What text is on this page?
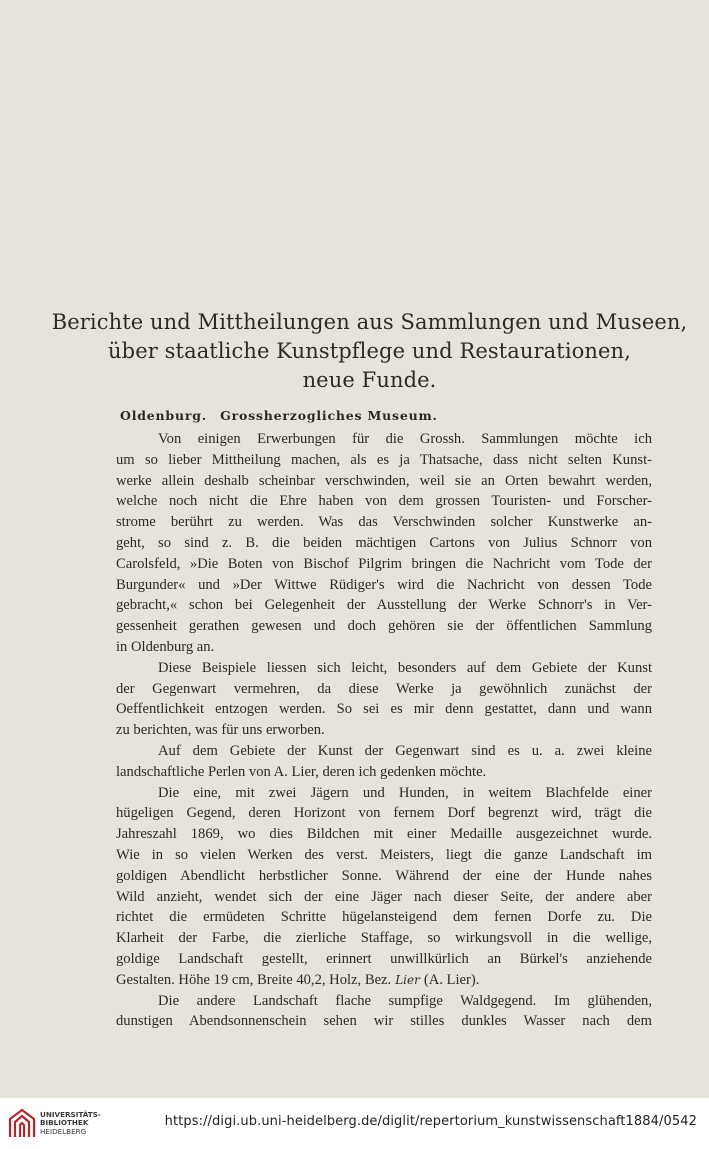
Berichte und Mittheilungen aus Sammlungen und Museen,
über staatliche Kunstpflege und Restaurationen,
neue Funde.
Oldenburg. Grossherzogliches Museum.
Von einigen Erwerbungen für die Grossh. Sammlungen möchte ich
um so lieber Mittheilung machen, als es ja Thatsache, dass nicht selten Kunst-
werke allein deshalb scheinbar verschwinden, weil sie an Orten bewahrt werden,
welche noch nicht die Ehre haben von dem grossen Touristen- und Forscher-
strome berührt zu werden. Was das Verschwinden solcher Kunstwerke an-
geht, so sind z. B. die beiden mächtigen Cartons von Julius Schnorr von
Carolsfeld, »Die Boten von Bischof Pilgrim bringen die Nachricht vom Tode der
Burgunder« und »Der Wittwe Rüdiger's wird die Nachricht von dessen Tode
gebracht,« schon bei Gelegenheit der Ausstellung der Werke Schnorr's in Ver-
gessenheit gerathen gewesen und doch gehören sie der öffentlichen Sammlung
in Oldenburg an.
Diese Beispiele liessen sich leicht, besonders auf dem Gebiete der Kunst
der Gegenwart vermehren, da diese Werke ja gewöhnlich zunächst der
Oeffentlichkeit entzogen werden. So sei es mir denn gestattet, dann und wann
zu berichten, was für uns erworben.
Auf dem Gebiete der Kunst der Gegenwart sind es u. a. zwei kleine
landschaftliche Perlen von A. Lier, deren ich gedenken möchte.
Die eine, mit zwei Jägern und Hunden, in weitem Blachfelde einer
hügeligen Gegend, deren Horizont von fernem Dorf begrenzt wird, trägt die
Jahreszahl 1869, wo dies Bildchen mit einer Medaille ausgezeichnet wurde.
Wie in so vielen Werken des verst. Meisters, liegt die ganze Landschaft im
goldigen Abendlicht herbstlicher Sonne. Während der eine der Hunde nahes
Wild anzieht, wendet sich der eine Jäger nach dieser Seite, der andere aber
richtet die ermüdeten Schritte hügelansteigend dem fernen Dorfe zu. Die
Klarheit der Farbe, die zierliche Staffage, so wirkungsvoll in die wellige,
goldige Landschaft gestellt, erinnert unwillkürlich an Bürkel's anziehende
Gestalten. Höhe 19 cm, Breite 40,2, Holz, Bez. Lier (A. Lier).
Die andere Landschaft flache sumpfige Waldgegend. Im glühenden,
dunstigen Abendsonnenschein sehen wir stilles dunkles Wasser nach dem
UNIVERSITÄTS-
BIBLIOTHEK
HEIDELBERG
https://digi.ub.uni-heidelberg.de/diglit/repertorium_kunstwissenschaft1884/0542
